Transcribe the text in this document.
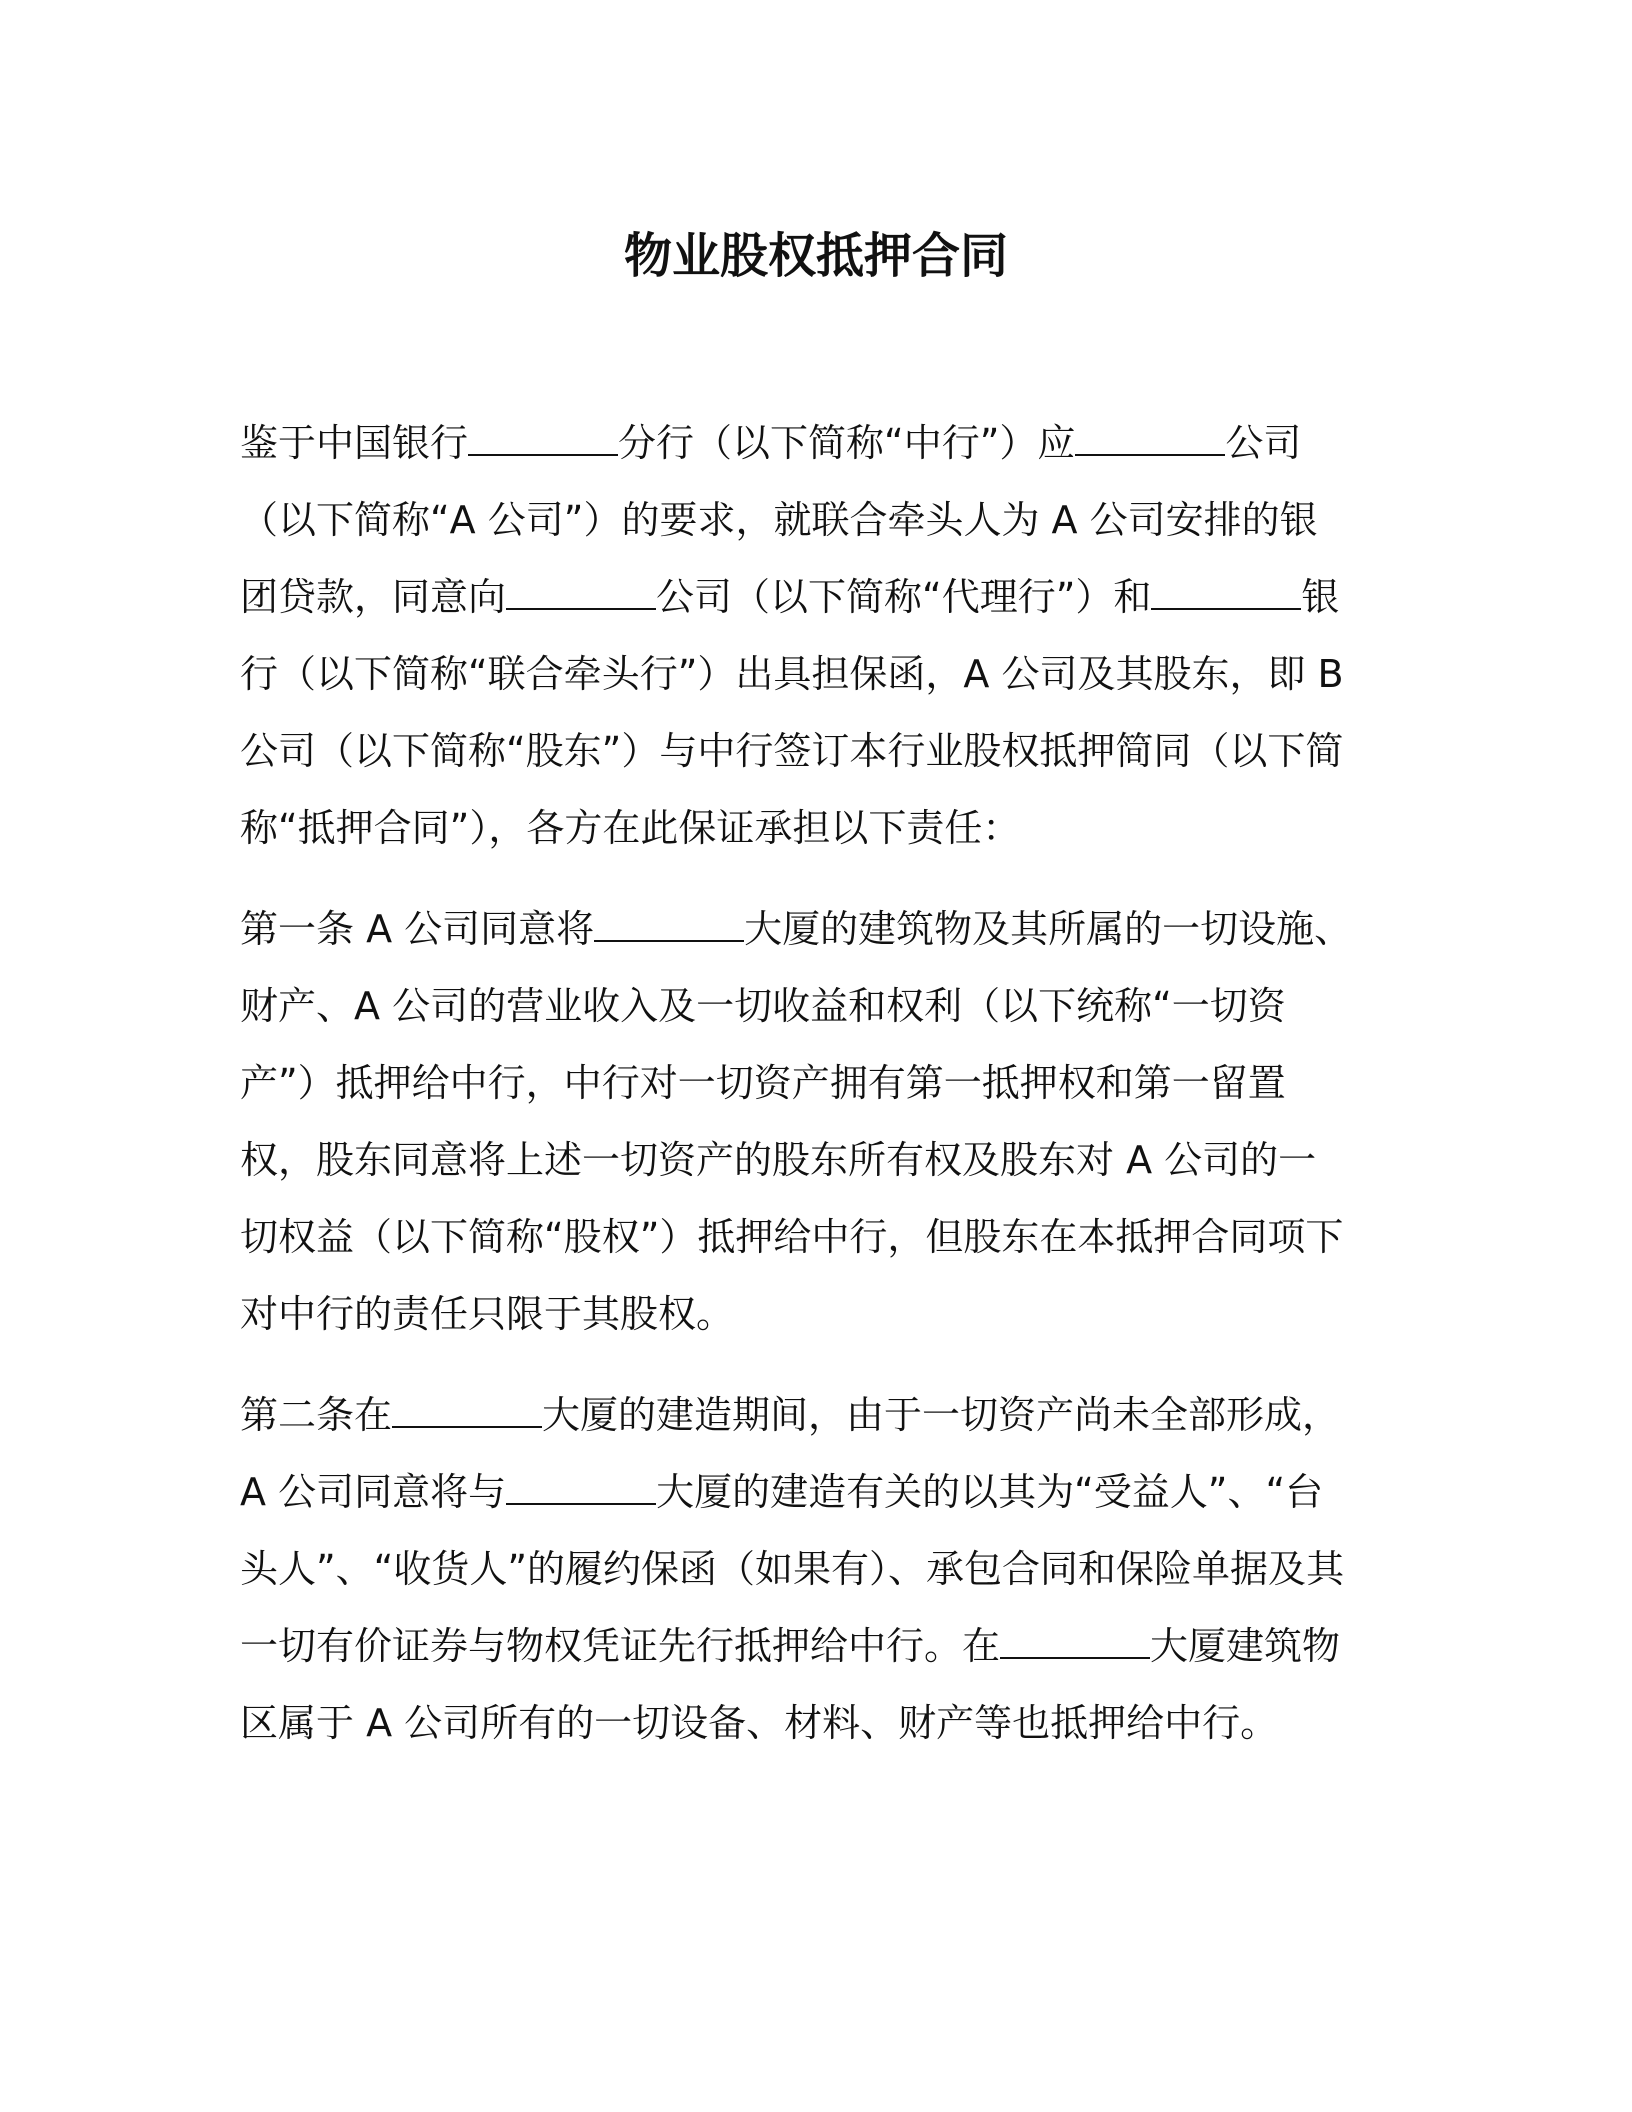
物业股权抵押合同

鉴于中国银行	分行（以下简称“中行”）应	公司（以下简称“A 公司”）的要求，就联合牵头人为 A 公司安排的银团贷款，同意向	公司（以下简称“代理行”）和	银行（以下简称“联合牵头行”）出具担保函，A 公司及其股东，即 B 公司（以下简称“股东”）与中行签订本行业股权抵押简同（以下简称“抵押合同”），各方在此保证承担以下责任：

第一条 A 公司同意将	大厦的建筑物及其所属的一切设施、财产、A 公司的营业收入及一切收益和权利（以下统称“一切资产”）抵押给中行，中行对一切资产拥有第一抵押权和第一留置权，股东同意将上述一切资产的股东所有权及股东对 A 公司的一切权益（以下简称“股权”）抵押给中行，但股东在本抵押合同项下对中行的责任只限于其股权。

第二条在	大厦的建造期间，由于一切资产尚未全部形成，A 公司同意将与	大厦的建造有关的以其为“受益人”、“台头人”、“收货人”的履约保函（如果有）、承包合同和保险单据及其一切有价证券与物权凭证先行抵押给中行。在	大厦建筑物区属于 A 公司所有的一切设备、材料、财产等也抵押给中行。
